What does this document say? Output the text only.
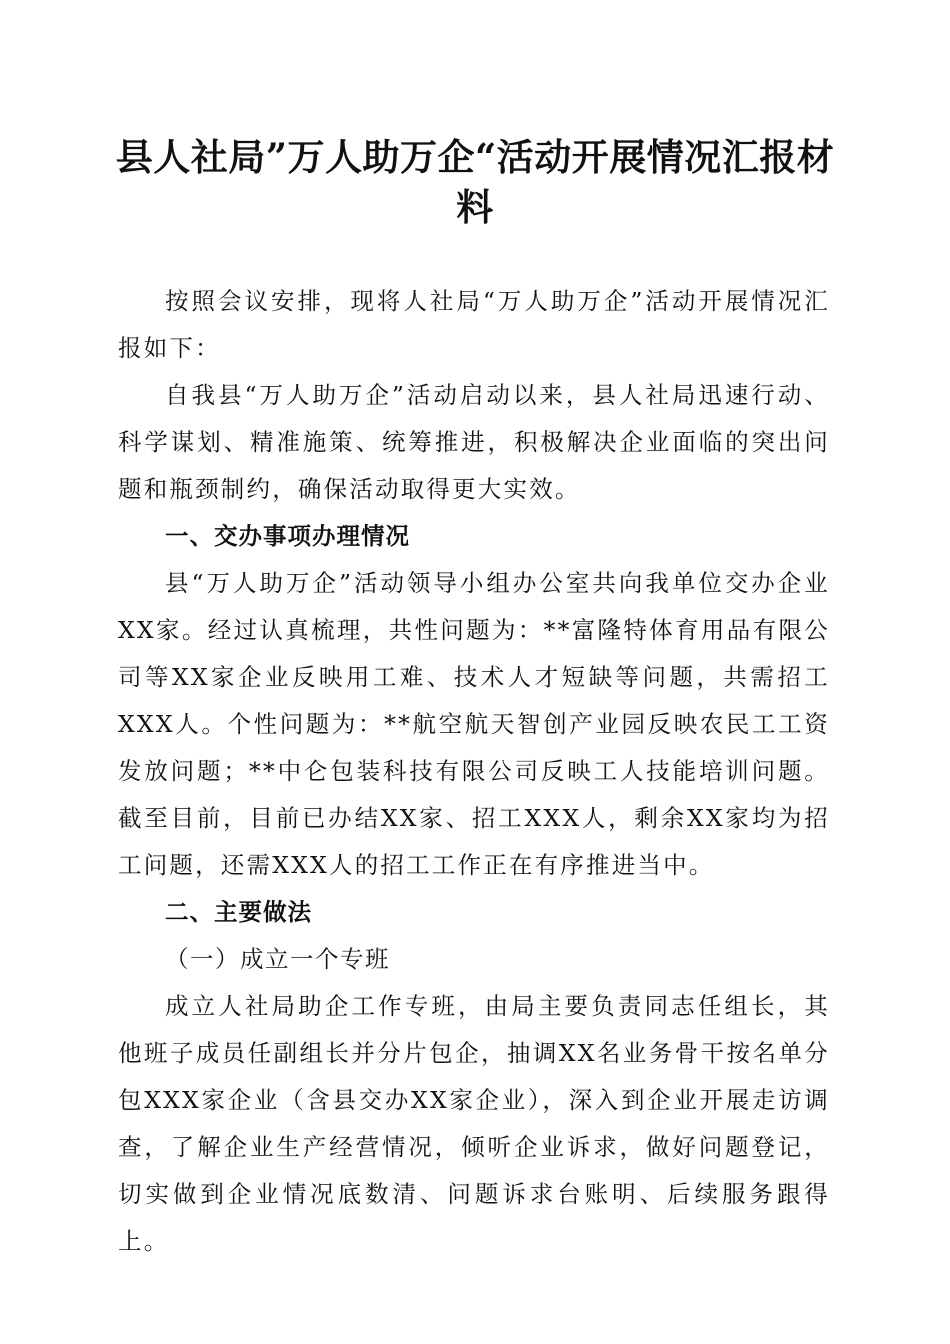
县人社局”万人助万企“活动开展情况汇报材料

按照会议安排，现将人社局“万人助万企”活动开展情况汇报如下：

自我县“万人助万企”活动启动以来，县人社局迅速行动、科学谋划、精准施策、统筹推进，积极解决企业面临的突出问题和瓶颈制约，确保活动取得更大实效。

一、交办事项办理情况

县“万人助万企”活动领导小组办公室共向我单位交办企业XX家。经过认真梳理，共性问题为：**富隆特体育用品有限公司等XX家企业反映用工难、技术人才短缺等问题，共需招工XXX人。个性问题为：**航空航天智创产业园反映农民工工资发放问题；**中仑包装科技有限公司反映工人技能培训问题。截至目前，目前已办结XX家、招工XXX人，剩余XX家均为招工问题，还需XXX人的招工工作正在有序推进当中。

二、主要做法

（一）成立一个专班

成立人社局助企工作专班，由局主要负责同志任组长，其他班子成员任副组长并分片包企，抽调XX名业务骨干按名单分包XXX家企业（含县交办XX家企业），深入到企业开展走访调查，了解企业生产经营情况，倾听企业诉求，做好问题登记，切实做到企业情况底数清、问题诉求台账明、后续服务跟得上。
